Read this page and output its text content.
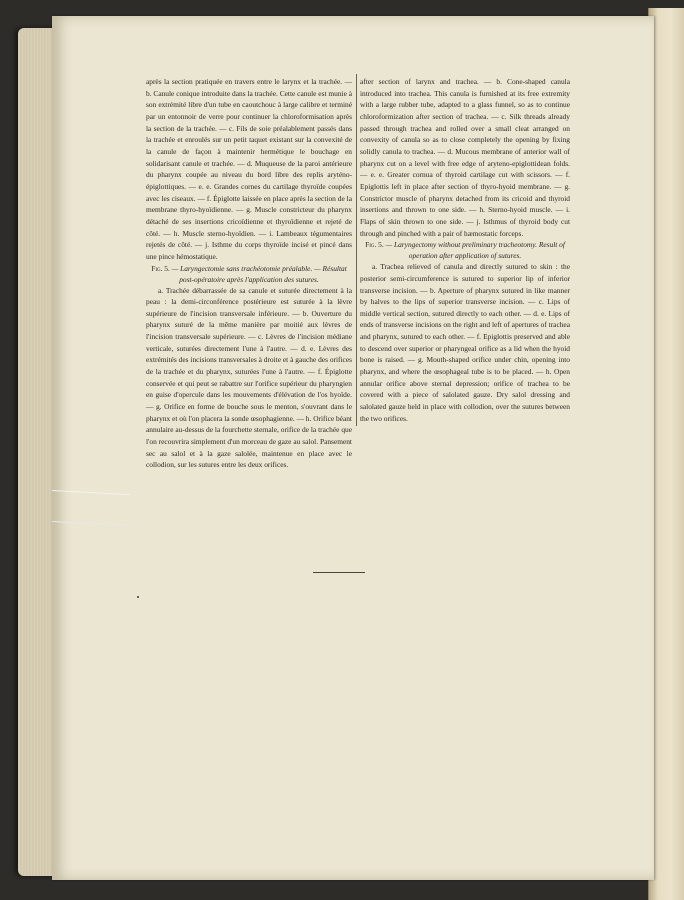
après la section pratiquée en travers entre le larynx et la trachée. — b. Canule conique introduite dans la trachée. Cette canule est munie à son extrémité libre d'un tube en caoutchouc à large calibre et terminé par un entonnoir de verre pour continuer la chloroformisation après la section de la trachée. — c. Fils de soie préalablement passés dans la trachée et enroulés sur un petit taquet existant sur la convexité de la canule de façon à maintenir hermétique le bouchage en solidarisant canule et trachée. — d. Muqueuse de la paroi antérieure du pharynx coupée au niveau du bord libre des replis aryténo-épiglottiques. — e. e. Grandes cornes du cartilage thyroïde coupées avec les ciseaux. — f. Épiglotte laissée en place après la section de la membrane thyro-hyoïdienne. — g. Muscle constricteur du pharynx détaché de ses insertions cricoïdienne et thyroïdienne et rejeté de côté. — h. Muscle sterno-hyoïdien. — i. Lambeaux tégumentaires rejetés de côté. — j. Isthme du corps thyroïde incisé et pincé dans une pince hémostatique.

Fig. 5. — Laryngectomie sans trachéotomie préalable. — Résultat post-opératoire après l'application des sutures.

a. Trachée débarrassée de sa canule et suturée directement à la peau : la demi-circonférence postérieure est suturée à la lèvre supérieure de l'incision transversale inférieure. — b. Ouverture du pharynx suturé de la même manière par moitié aux lèvres de l'incision transversale supérieure. — c. Lèvres de l'incision médiane verticale, suturées directement l'une à l'autre. — d. e. Lèvres des extrémités des incisions transversales à droite et à gauche des orifices de la trachée et du pharynx, suturées l'une à l'autre. — f. Épiglotte conservée et qui peut se rabattre sur l'orifice supérieur du pharyngien en guise d'opercule dans les mouvements d'élévation de l'os hyoïde. — g. Orifice en forme de bouche sous le menton, s'ouvrant dans le pharynx et où l'on placera la sonde œsophagienne. — h. Orifice béant annulaire au-dessus de la fourchette sternale, orifice de la trachée que l'on recouvrira simplement d'un morceau de gaze au salol. Pansement sec au salol et à la gaze salolée, maintenue en place avec le collodion, sur les sutures entre les deux orifices.

after section of larynx and trachea. — b. Cone-shaped canula introduced into trachea. This canula is furnished at its free extremity with a large rubber tube, adapted to a glass funnel, so as to continue chloroformization after section of trachea. — c. Silk threads already passed through trachea and rolled over a small cleat arranged on convexity of canula so as to close completely the opening by fixing solidly canula to trachea. — d. Mucous membrane of anterior wall of pharynx cut on a level with free edge of aryteno-epiglottidean folds. — e. e. Greater cornua of thyroid cartilage cut with scissors. — f. Epiglottis left in place after section of thyro-hyoid membrane. — g. Constrictor muscle of pharynx detached from its cricoid and thyroid insertions and thrown to one side. — h. Sterno-hyoid muscle. — i. Flaps of skin thrown to one side. — j. Isthmus of thyroid body cut through and pinched with a pair of hæmostatic forceps.

Fig. 5. — Laryngectomy without preliminary tracheotomy. Result of operation after application of sutures.

a. Trachea relieved of canula and directly sutured to skin : the posterior semi-circumference is sutured to superior lip of inferior transverse incision. — b. Aperture of pharynx sutured in like manner by halves to the lips of superior transverse incision. — c. Lips of middle vertical section, sutured directly to each other. — d. e. Lips of ends of transverse incisions on the right and left of apertures of trachea and pharynx, sutured to each other. — f. Epiglottis preserved and able to descend over superior or pharyngeal orifice as a lid when the hyoid bone is raised. — g. Mouth-shaped orifice under chin, opening into pharynx, and where the œsophageal tube is to be placed. — h. Open annular orifice above sternal depression; orifice of trachea to be covered with a piece of salolated gauze. Dry salol dressing and salolated gauze held in place with collodion, over the sutures between the two orifices.
